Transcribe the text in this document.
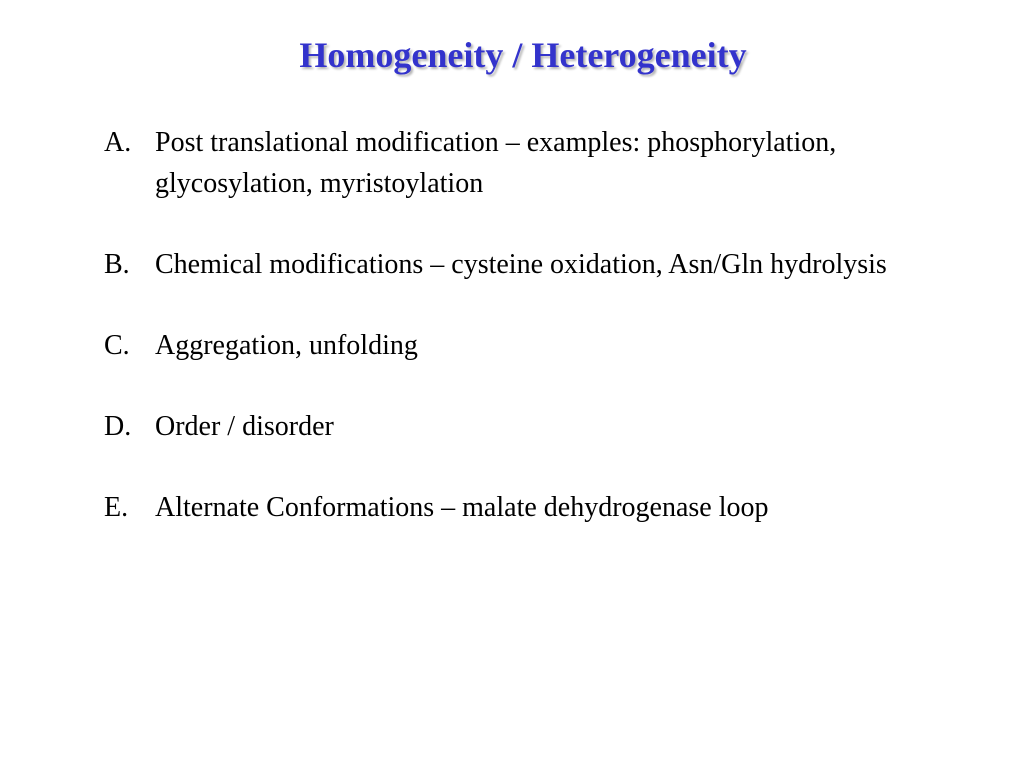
Homogeneity / Heterogeneity
A. Post translational modification – examples: phosphorylation, glycosylation, myristoylation
B. Chemical modifications – cysteine oxidation, Asn/Gln hydrolysis
C. Aggregation, unfolding
D. Order / disorder
E. Alternate Conformations – malate dehydrogenase loop
